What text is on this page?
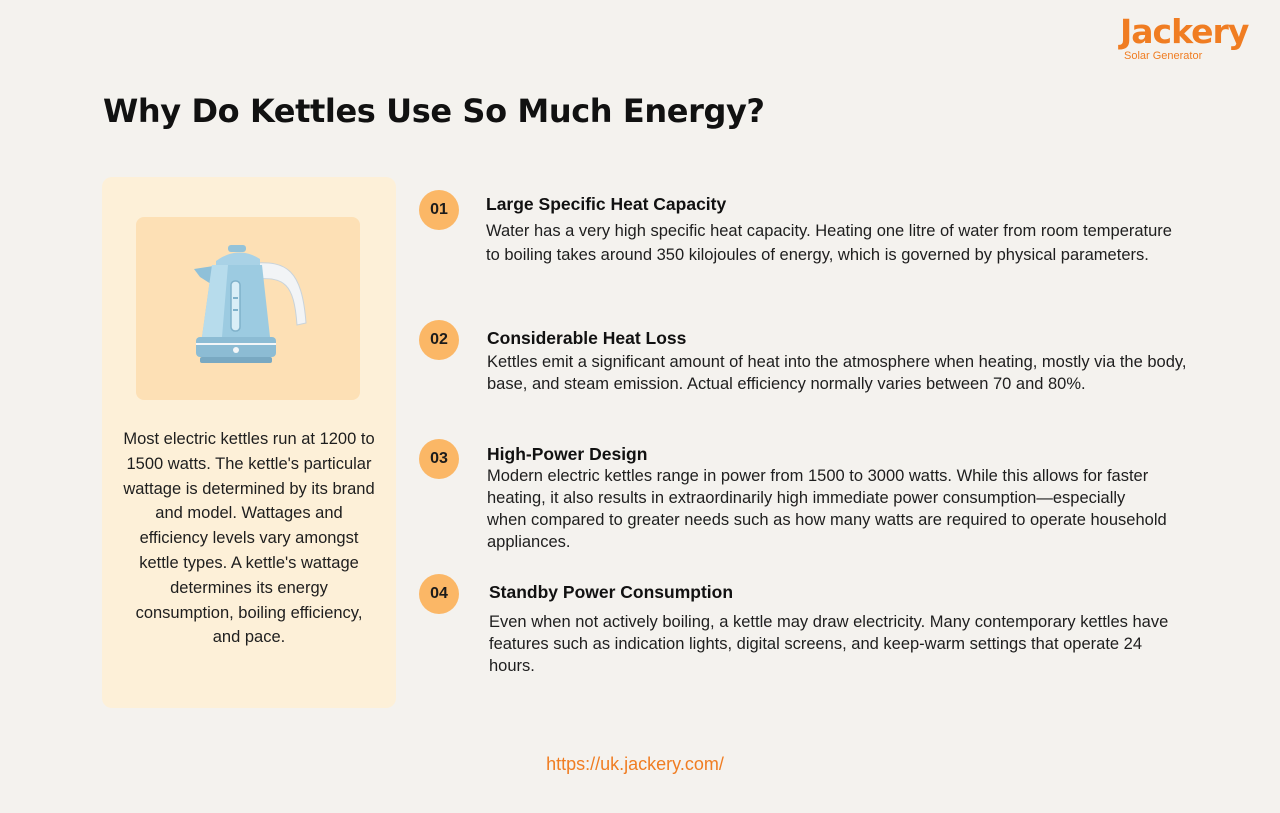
Jackery
Solar Generator
Why Do Kettles Use So Much Energy?
Most electric kettles run at 1200 to 1500 watts. The kettle's particular wattage is determined by its brand and model. Wattages and efficiency levels vary amongst kettle types. A kettle's wattage determines its energy consumption, boiling efficiency, and pace.
01	Large Specific Heat Capacity
Water has a very high specific heat capacity. Heating one litre of water from room temperature to boiling takes around 350 kilojoules of energy, which is governed by physical parameters.
02	Considerable Heat Loss
Kettles emit a significant amount of heat into the atmosphere when heating, mostly via the body, base, and steam emission. Actual efficiency normally varies between 70 and 80%.
03	High-Power Design
Modern electric kettles range in power from 1500 to 3000 watts. While this allows for faster heating, it also results in extraordinarily high immediate power consumption—especially when compared to greater needs such as how many watts are required to operate household appliances.
04	Standby Power Consumption
Even when not actively boiling, a kettle may draw electricity. Many contemporary kettles have features such as indication lights, digital screens, and keep-warm settings that operate 24 hours.
https://uk.jackery.com/
